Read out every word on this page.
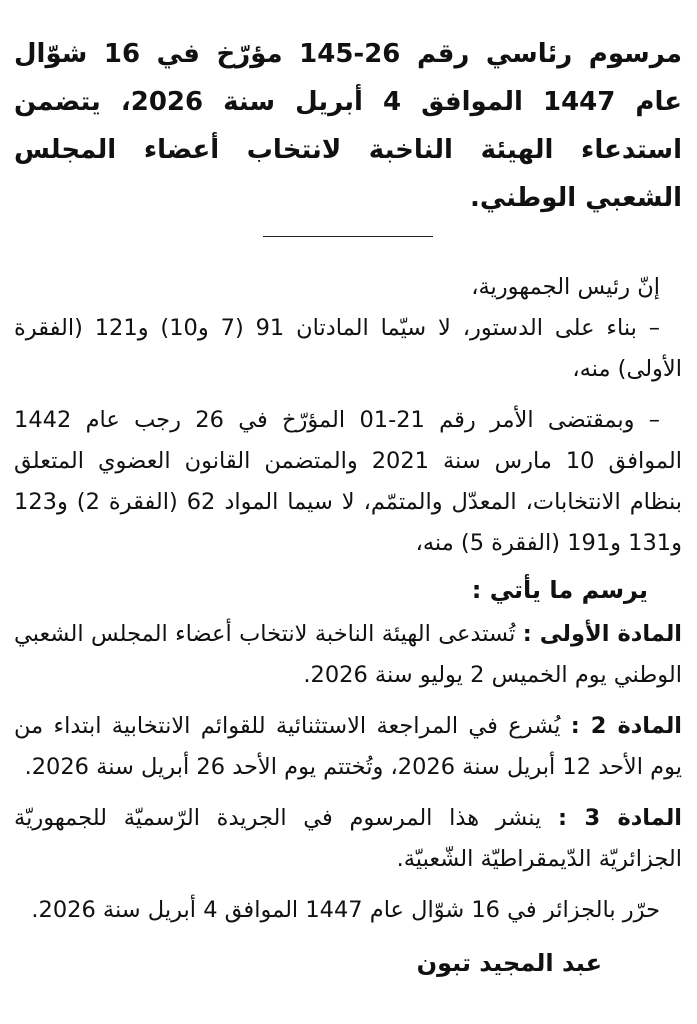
مرسوم رئاسي رقم 26-145 مؤرّخ في 16 شوّال عام 1447 الموافق 4 أبريل سنة 2026، يتضمن استدعاء الهيئة الناخبة لانتخاب أعضاء المجلس الشعبي الوطني.

إنّ رئيس الجمهورية،

– بناء على الدستور، لا سيّما المادتان 91 (7 و10) و121 (الفقرة الأولى) منه،

– وبمقتضى الأمر رقم 21-01 المؤرّخ في 26 رجب عام 1442 الموافق 10 مارس سنة 2021 والمتضمن القانون العضوي المتعلق بنظام الانتخابات، المعدّل والمتمّم، لا سيما المواد 62 (الفقرة 2) و123 و131 و191 (الفقرة 5) منه،

يرسم ما يأتي :

المادة الأولى : تُستدعى الهيئة الناخبة لانتخاب أعضاء المجلس الشعبي الوطني يوم الخميس 2 يوليو سنة 2026.

المادة 2 : يُشرع في المراجعة الاستثنائية للقوائم الانتخابية ابتداء من يوم الأحد 12 أبريل سنة 2026، وتُختتم يوم الأحد 26 أبريل سنة 2026.

المادة 3 : ينشر هذا المرسوم في الجريدة الرّسميّة للجمهوريّة الجزائريّة الدّيمقراطيّة الشّعبيّة.

حرّر بالجزائر في 16 شوّال عام 1447 الموافق 4 أبريل سنة 2026.

عبد المجيد تبون
